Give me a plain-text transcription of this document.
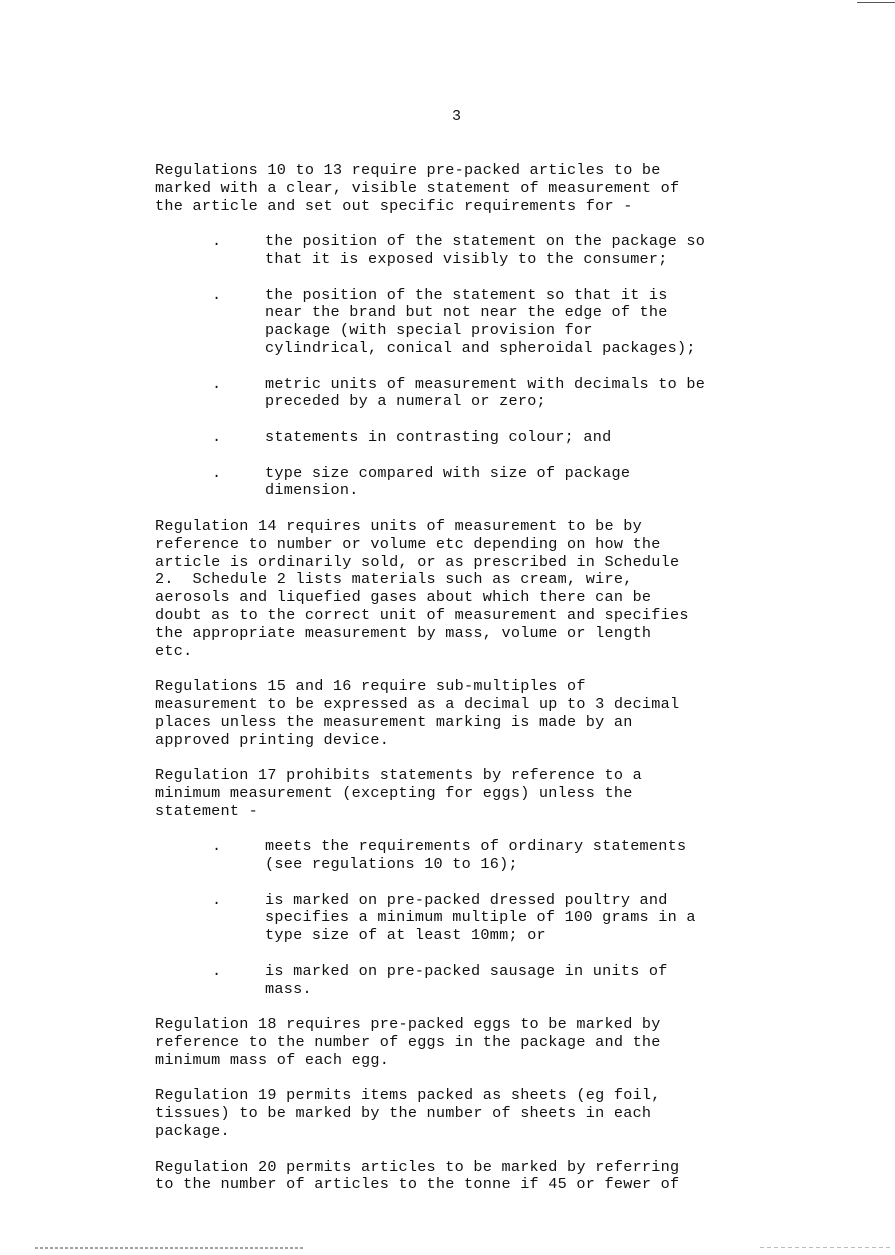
3

Regulations 10 to 13 require pre-packed articles to be
marked with a clear, visible statement of measurement of
the article and set out specific requirements for -

.	the position of the statement on the package so
that it is exposed visibly to the consumer;
.	the position of the statement so that it is
near the brand but not near the edge of the
package (with special provision for
cylindrical, conical and spheroidal packages);
.	metric units of measurement with decimals to be
preceded by a numeral or zero;
.	statements in contrasting colour; and
.	type size compared with size of package
dimension.

Regulation 14 requires units of measurement to be by
reference to number or volume etc depending on how the
article is ordinarily sold, or as prescribed in Schedule
2.  Schedule 2 lists materials such as cream, wire,
aerosols and liquefied gases about which there can be
doubt as to the correct unit of measurement and specifies
the appropriate measurement by mass, volume or length
etc.

Regulations 15 and 16 require sub-multiples of
measurement to be expressed as a decimal up to 3 decimal
places unless the measurement marking is made by an
approved printing device.

Regulation 17 prohibits statements by reference to a
minimum measurement (excepting for eggs) unless the
statement -

.	meets the requirements of ordinary statements
(see regulations 10 to 16);
.	is marked on pre-packed dressed poultry and
specifies a minimum multiple of 100 grams in a
type size of at least 10mm; or
.	is marked on pre-packed sausage in units of
mass.

Regulation 18 requires pre-packed eggs to be marked by
reference to the number of eggs in the package and the
minimum mass of each egg.

Regulation 19 permits items packed as sheets (eg foil,
tissues) to be marked by the number of sheets in each
package.

Regulation 20 permits articles to be marked by referring
to the number of articles to the tonne if 45 or fewer of
